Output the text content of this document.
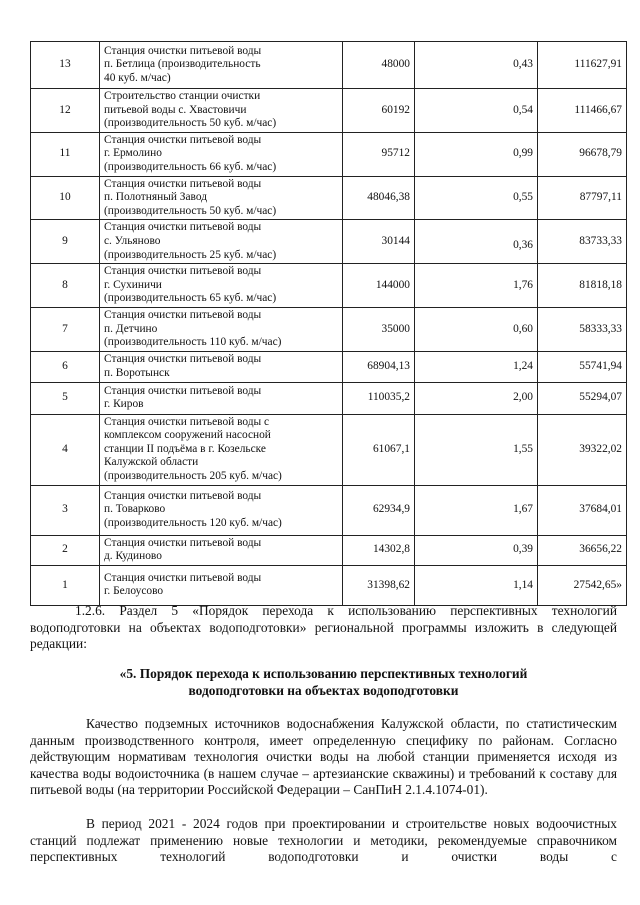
13	Станция очистки питьевой воды
п. Бетлица (производительность
40 куб. м/час)	48000	0,43	111627,91
12	Строительство станции очистки
питьевой воды с. Хвастовичи
(производительность 50 куб. м/час)	60192	0,54	111466,67
11	Станция очистки питьевой воды
г. Ермолино
(производительность 66 куб. м/час)	95712	0,99	96678,79
10	Станция очистки питьевой воды
п. Полотняный Завод
(производительность 50 куб. м/час)	48046,38	0,55	87797,11
9	Станция очистки питьевой воды
с. Ульяново
(производительность 25 куб. м/час)	30144	0,36	83733,33
8	Станция очистки питьевой воды
г. Сухиничи
(производительность 65 куб. м/час)	144000	1,76	81818,18
7	Станция очистки питьевой воды
п. Детчино
(производительность 110 куб. м/час)	35000	0,60	58333,33
6	Станция очистки питьевой воды
п. Воротынск	68904,13	1,24	55741,94
5	Станция очистки питьевой воды
г. Киров	110035,2	2,00	55294,07
4	Станция очистки питьевой воды с
комплексом сооружений насосной
станции II подъёма в г. Козельске
Калужской области
(производительность 205 куб. м/час)	61067,1	1,55	39322,02
3	Станция очистки питьевой воды
п. Товарково
(производительность 120 куб. м/час)	62934,9	1,67	37684,01
2	Станция очистки питьевой воды
д. Кудиново	14302,8	0,39	36656,22
1	Станция очистки питьевой воды
г. Белоусово	31398,62	1,14	27542,65»

1.2.6. Раздел 5 «Порядок перехода к использованию перспективных технологий водоподготовки на объектах водоподготовки» региональной программы изложить в следующей редакции:

«5. Порядок перехода к использованию перспективных технологий
водоподготовки на объектах водоподготовки

Качество подземных источников водоснабжения Калужской области, по статистическим данным производственного контроля, имеет определенную специфику по районам. Согласно действующим нормативам технология очистки воды на любой станции применяется исходя из качества воды водоисточника (в нашем случае – артезианские скважины) и требований к составу для питьевой воды (на территории Российской Федерации – СанПиН 2.1.4.1074-01).

В период 2021 - 2024 годов при проектировании и строительстве новых водоочистных станций подлежат применению новые технологии и методики, рекомендуемые справочником перспективных технологий водоподготовки и очистки воды с
